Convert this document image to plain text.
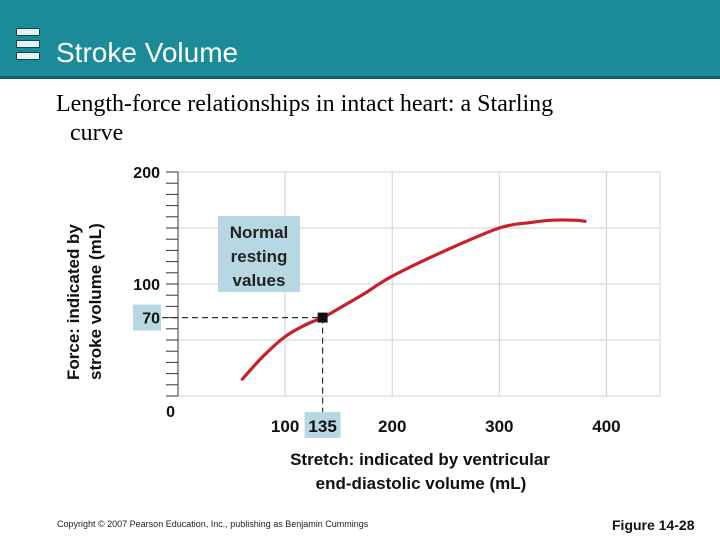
Stroke Volume
Length-force relationships in intact heart: a Starling
curve
0
70
100
200
100 135 200	300	400
Normal
resting
values
Force: indicated by stroke volume (mL)
Stretch: indicated by ventricular
end-diastolic volume (mL)
Copyright © 2007 Pearson Education, Inc., publishing as Benjamin Cummings	Figure 14-28
